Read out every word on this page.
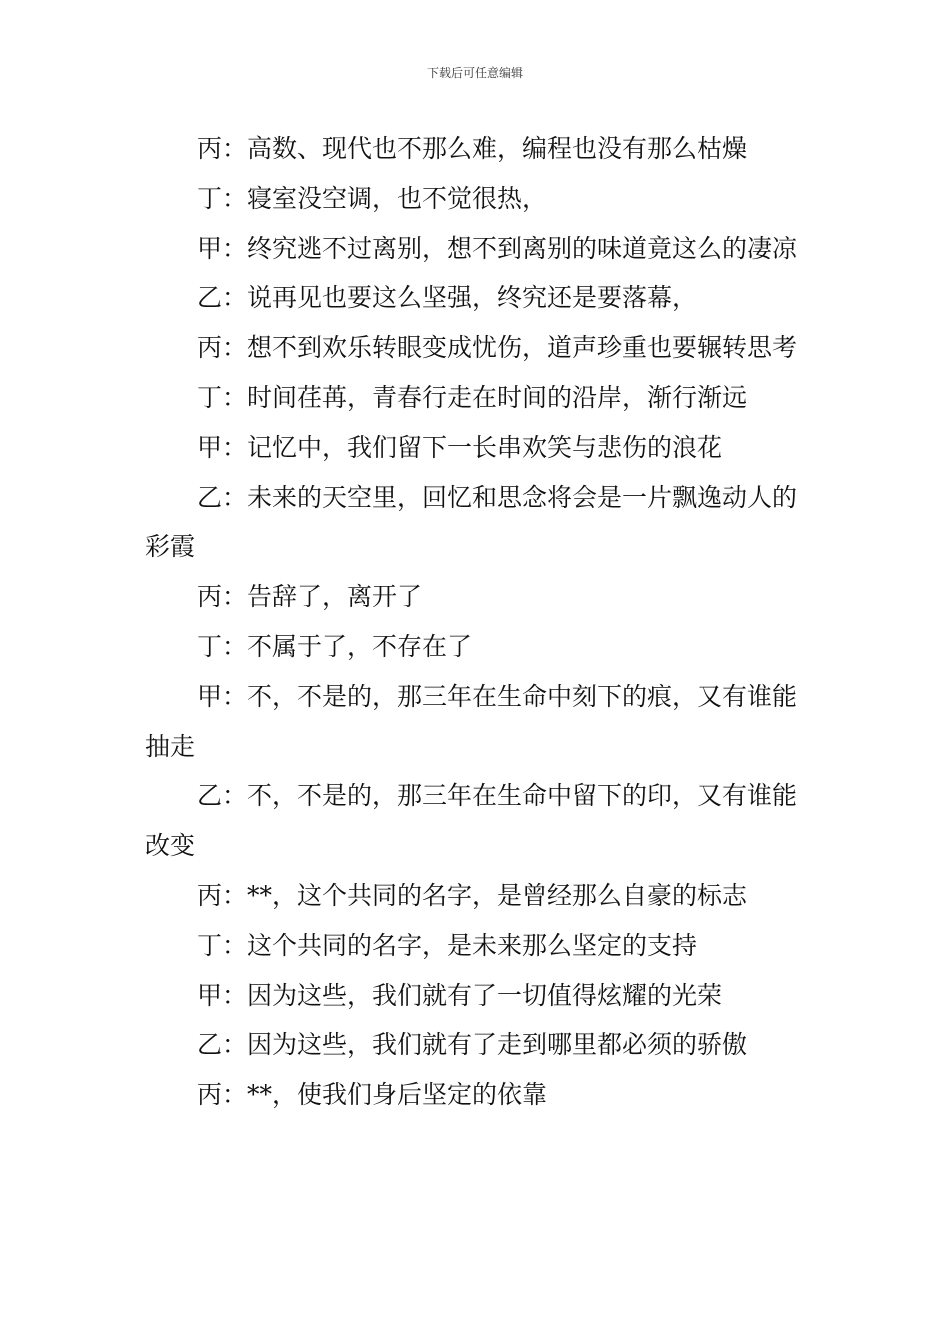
下载后可任意编辑

丙：高数、现代也不那么难，编程也没有那么枯燥

丁：寝室没空调，也不觉很热，

甲：终究逃不过离别，想不到离别的味道竟这么的凄凉

乙：说再见也要这么坚强，终究还是要落幕，

丙：想不到欢乐转眼变成忧伤，道声珍重也要辗转思考

丁：时间荏苒，青春行走在时间的沿岸，渐行渐远

甲：记忆中，我们留下一长串欢笑与悲伤的浪花

乙：未来的天空里，回忆和思念将会是一片飘逸动人的彩霞

丙：告辞了，离开了

丁：不属于了，不存在了

甲：不，不是的，那三年在生命中刻下的痕，又有谁能抽走

乙：不，不是的，那三年在生命中留下的印，又有谁能改变

丙：**，这个共同的名字，是曾经那么自豪的标志

丁：这个共同的名字，是未来那么坚定的支持

甲：因为这些，我们就有了一切值得炫耀的光荣

乙：因为这些，我们就有了走到哪里都必须的骄傲

丙：**，使我们身后坚定的依靠
